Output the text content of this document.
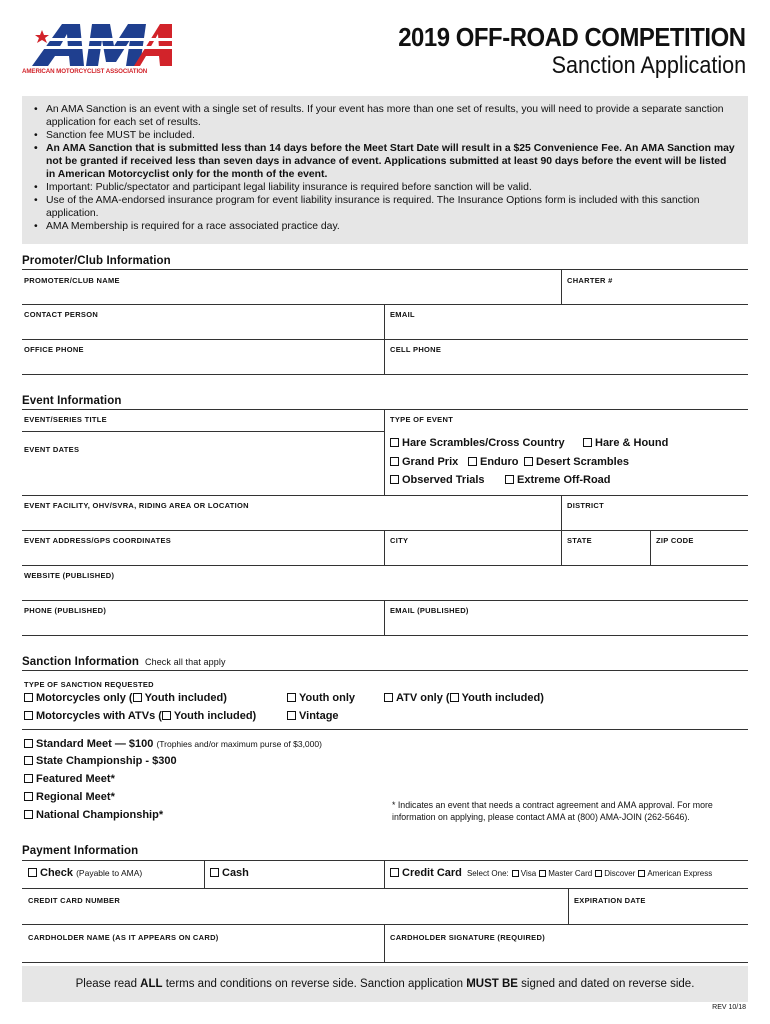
AMERICAN MOTORCYCLIST ASSOCIATION
2019 OFF-ROAD COMPETITION
Sanction Application
• An AMA Sanction is an event with a single set of results. If your event has more than one set of results, you will need to provide a separate sanction application for each set of results.
• Sanction fee MUST be included.
• An AMA Sanction that is submitted less than 14 days before the Meet Start Date will result in a $25 Convenience Fee. An AMA Sanction may not be granted if received less than seven days in advance of event. Applications submitted at least 90 days before the event will be listed in American Motorcyclist only for the month of the event.
• Important: Public/spectator and participant legal liability insurance is required before sanction will be valid.
• Use of the AMA-endorsed insurance program for event liability insurance is required. The Insurance Options form is included with this sanction application.
• AMA Membership is required for a race associated practice day.
Promoter/Club Information
PROMOTER/CLUB NAME	CHARTER #
CONTACT PERSON	EMAIL
OFFICE PHONE	CELL PHONE
Event Information
EVENT/SERIES TITLE	TYPE OF EVENT
EVENT DATES
Hare Scrambles/Cross Country	Hare & Hound
Grand Prix	Enduro	Desert Scrambles
Observed Trials	Extreme Off-Road
EVENT FACILITY, OHV/SVRA, RIDING AREA OR LOCATION	DISTRICT
EVENT ADDRESS/GPS COORDINATES	CITY	STATE	ZIP CODE
WEBSITE (PUBLISHED)
PHONE (PUBLISHED)	EMAIL (PUBLISHED)
Sanction Information Check all that apply
TYPE OF SANCTION REQUESTED
Motorcycles only ( Youth included)
Motorcycles with ATVs ( Youth included)
Youth only
Vintage
ATV only ( Youth included)
Standard Meet — $100 (Trophies and/or maximum purse of $3,000)
State Championship - $300
Featured Meet*
Regional Meet*
National Championship*
* Indicates an event that needs a contract agreement and AMA approval. For more information on applying, please contact AMA at (800) AMA-JOIN (262-5646).
Payment Information
Check (Payable to AMA)	Cash	Credit Card Select One: Visa Master Card Discover American Express
CREDIT CARD NUMBER	EXPIRATION DATE
CARDHOLDER NAME (AS IT APPEARS ON CARD)	CARDHOLDER SIGNATURE (REQUIRED)
Please read ALL terms and conditions on reverse side. Sanction application MUST BE signed and dated on reverse side.
REV 10/18
